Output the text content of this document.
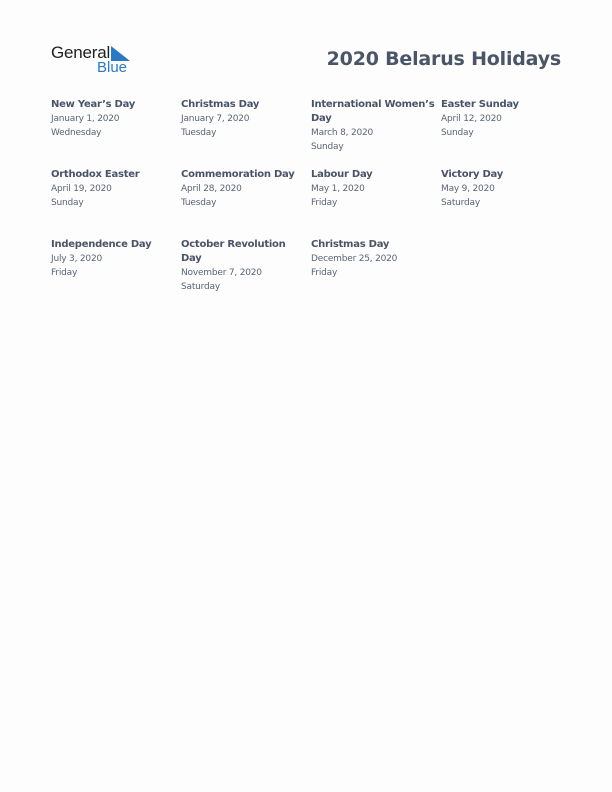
General
Blue	2020 Belarus Holidays
New Year’s Day
January 1, 2020
Wednesday
Christmas Day
January 7, 2020
Tuesday
International Women’s Day
March 8, 2020
Sunday
Easter Sunday
April 12, 2020
Sunday
Orthodox Easter
April 19, 2020
Sunday
Commemoration Day
April 28, 2020
Tuesday
Labour Day
May 1, 2020
Friday
Victory Day
May 9, 2020
Saturday
Independence Day
July 3, 2020
Friday
October Revolution Day
November 7, 2020
Saturday
Christmas Day
December 25, 2020
Friday
